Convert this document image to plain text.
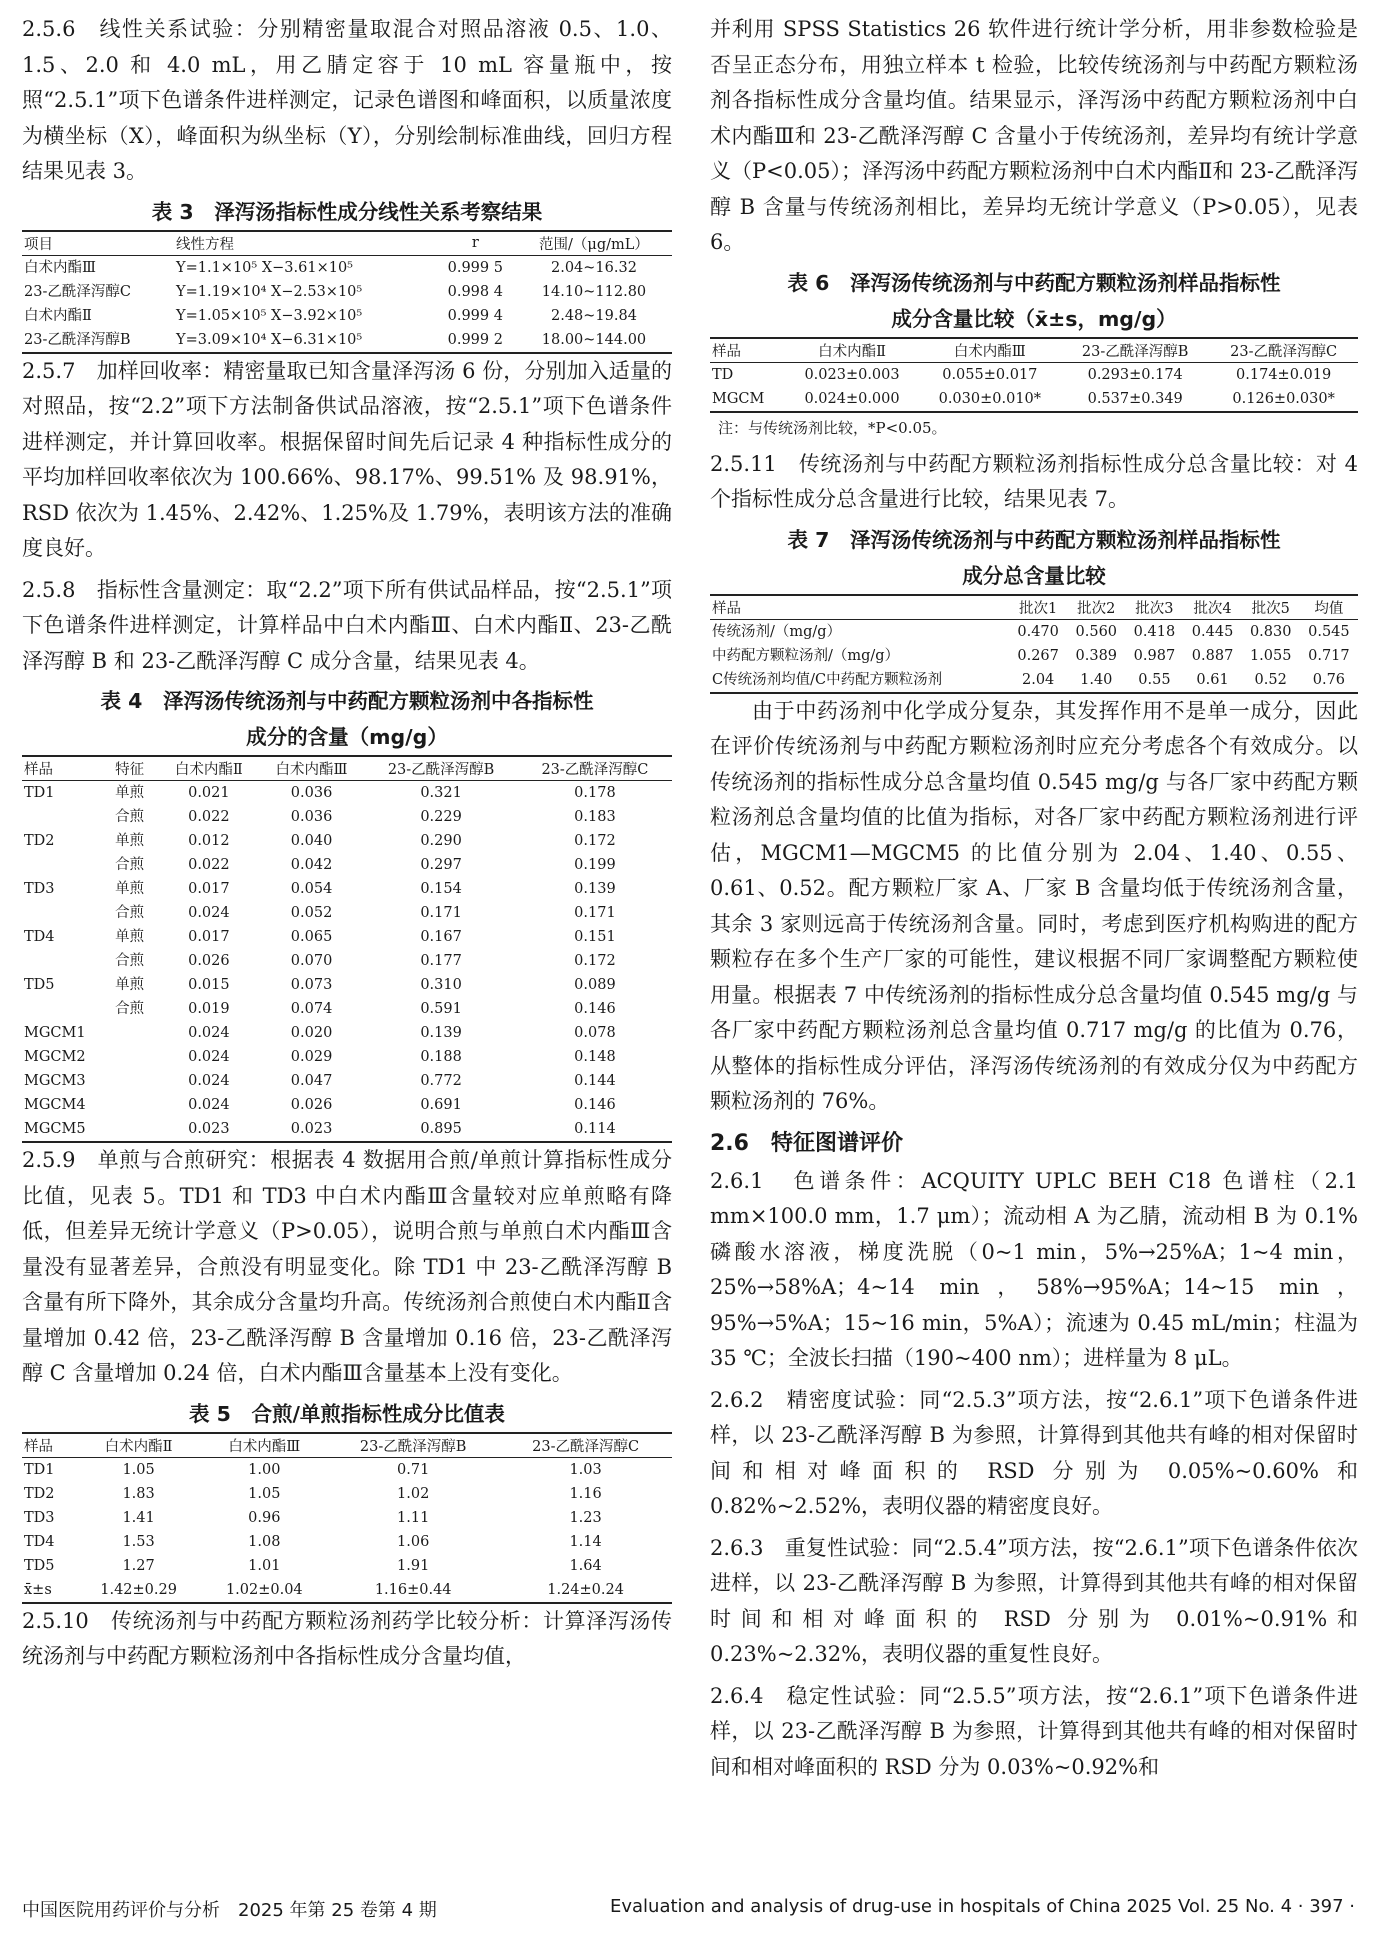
2.5.6　线性关系试验：分别精密量取混合对照品溶液 0.5、1.0、1.5、2.0 和 4.0 mL，用乙腈定容于 10 mL 容量瓶中，按照“2.5.1”项下色谱条件进样测定，记录色谱图和峰面积，以质量浓度为横坐标（X），峰面积为纵坐标（Y），分别绘制标准曲线，回归方程结果见表 3。

表 3　泽泻汤指标性成分线性关系考察结果
项目	线性方程	r	范围/（μg/mL）
白术内酯Ⅲ	Y=1.1×10⁵ X−3.61×10⁵	0.999 5	2.04~16.32
23-乙酰泽泻醇C	Y=1.19×10⁴ X−2.53×10⁵	0.998 4	14.10~112.80
白术内酯Ⅱ	Y=1.05×10⁵ X−3.92×10⁵	0.999 4	2.48~19.84
23-乙酰泽泻醇B	Y=3.09×10⁴ X−6.31×10⁵	0.999 2	18.00~144.00

2.5.7　加样回收率：精密量取已知含量泽泻汤 6 份，分别加入适量的对照品，按“2.2”项下方法制备供试品溶液，按“2.5.1”项下色谱条件进样测定，并计算回收率。根据保留时间先后记录 4 种指标性成分的平均加样回收率依次为 100.66%、98.17%、99.51% 及 98.91%，RSD 依次为 1.45%、2.42%、1.25%及 1.79%，表明该方法的准确度良好。

2.5.8　指标性含量测定：取“2.2”项下所有供试品样品，按“2.5.1”项下色谱条件进样测定，计算样品中白术内酯Ⅲ、白术内酯Ⅱ、23-乙酰泽泻醇 B 和 23-乙酰泽泻醇 C 成分含量，结果见表 4。

表 4　泽泻汤传统汤剂与中药配方颗粒汤剂中各指标性
成分的含量（mg/g）
样品	特征	白术内酯Ⅱ	白术内酯Ⅲ	23-乙酰泽泻醇B	23-乙酰泽泻醇C
TD1	单煎	0.021	0.036	0.321	0.178
	合煎	0.022	0.036	0.229	0.183
TD2	单煎	0.012	0.040	0.290	0.172
	合煎	0.022	0.042	0.297	0.199
TD3	单煎	0.017	0.054	0.154	0.139
	合煎	0.024	0.052	0.171	0.171
TD4	单煎	0.017	0.065	0.167	0.151
	合煎	0.026	0.070	0.177	0.172
TD5	单煎	0.015	0.073	0.310	0.089
	合煎	0.019	0.074	0.591	0.146
MGCM1		0.024	0.020	0.139	0.078
MGCM2		0.024	0.029	0.188	0.148
MGCM3		0.024	0.047	0.772	0.144
MGCM4		0.024	0.026	0.691	0.146
MGCM5		0.023	0.023	0.895	0.114

2.5.9　单煎与合煎研究：根据表 4 数据用合煎/单煎计算指标性成分比值，见表 5。TD1 和 TD3 中白术内酯Ⅲ含量较对应单煎略有降低，但差异无统计学意义（P>0.05），说明合煎与单煎白术内酯Ⅲ含量没有显著差异，合煎没有明显变化。除 TD1 中 23-乙酰泽泻醇 B 含量有所下降外，其余成分含量均升高。传统汤剂合煎使白术内酯Ⅱ含量增加 0.42 倍，23-乙酰泽泻醇 B 含量增加 0.16 倍，23-乙酰泽泻醇 C 含量增加 0.24 倍，白术内酯Ⅲ含量基本上没有变化。

表 5　合煎/单煎指标性成分比值表
样品	白术内酯Ⅱ	白术内酯Ⅲ	23-乙酰泽泻醇B	23-乙酰泽泻醇C
TD1	1.05	1.00	0.71	1.03
TD2	1.83	1.05	1.02	1.16
TD3	1.41	0.96	1.11	1.23
TD4	1.53	1.08	1.06	1.14
TD5	1.27	1.01	1.91	1.64
x̄±s	1.42±0.29	1.02±0.04	1.16±0.44	1.24±0.24

2.5.10　传统汤剂与中药配方颗粒汤剂药学比较分析：计算泽泻汤传统汤剂与中药配方颗粒汤剂中各指标性成分含量均值，

并利用 SPSS Statistics 26 软件进行统计学分析，用非参数检验是否呈正态分布，用独立样本 t 检验，比较传统汤剂与中药配方颗粒汤剂各指标性成分含量均值。结果显示，泽泻汤中药配方颗粒汤剂中白术内酯Ⅲ和 23-乙酰泽泻醇 C 含量小于传统汤剂，差异均有统计学意义（P<0.05）；泽泻汤中药配方颗粒汤剂中白术内酯Ⅱ和 23-乙酰泽泻醇 B 含量与传统汤剂相比，差异均无统计学意义（P>0.05），见表 6。

表 6　泽泻汤传统汤剂与中药配方颗粒汤剂样品指标性
成分含量比较（x̄±s，mg/g）
样品	白术内酯Ⅱ	白术内酯Ⅲ	23-乙酰泽泻醇B	23-乙酰泽泻醇C
TD	0.023±0.003	0.055±0.017	0.293±0.174	0.174±0.019
MGCM	0.024±0.000	0.030±0.010*	0.537±0.349	0.126±0.030*
注：与传统汤剂比较，*P<0.05。

2.5.11　传统汤剂与中药配方颗粒汤剂指标性成分总含量比较：对 4 个指标性成分总含量进行比较，结果见表 7。

表 7　泽泻汤传统汤剂与中药配方颗粒汤剂样品指标性
成分总含量比较
样品	批次1	批次2	批次3	批次4	批次5	均值
传统汤剂/（mg/g）	0.470	0.560	0.418	0.445	0.830	0.545
中药配方颗粒汤剂/（mg/g）	0.267	0.389	0.987	0.887	1.055	0.717
C传统汤剂均值/C中药配方颗粒汤剂	2.04	1.40	0.55	0.61	0.52	0.76

由于中药汤剂中化学成分复杂，其发挥作用不是单一成分，因此在评价传统汤剂与中药配方颗粒汤剂时应充分考虑各个有效成分。以传统汤剂的指标性成分总含量均值 0.545 mg/g 与各厂家中药配方颗粒汤剂总含量均值的比值为指标，对各厂家中药配方颗粒汤剂进行评估，MGCM1—MGCM5 的比值分别为 2.04、1.40、0.55、0.61、0.52。配方颗粒厂家 A、厂家 B 含量均低于传统汤剂含量，其余 3 家则远高于传统汤剂含量。同时，考虑到医疗机构购进的配方颗粒存在多个生产厂家的可能性，建议根据不同厂家调整配方颗粒使用量。根据表 7 中传统汤剂的指标性成分总含量均值 0.545 mg/g 与各厂家中药配方颗粒汤剂总含量均值 0.717 mg/g 的比值为 0.76，从整体的指标性成分评估，泽泻汤传统汤剂的有效成分仅为中药配方颗粒汤剂的 76%。

2.6　特征图谱评价

2.6.1　色谱条件：ACQUITY UPLC BEH C18 色谱柱（2.1 mm×100.0 mm，1.7 μm）；流动相 A 为乙腈，流动相 B 为 0.1%磷酸水溶液，梯度洗脱（0~1 min，5%→25%A；1~4 min，25%→58%A；4~14 min，58%→95%A；14~15 min，95%→5%A；15~16 min，5%A）；流速为 0.45 mL/min；柱温为 35 ℃；全波长扫描（190~400 nm）；进样量为 8 μL。

2.6.2　精密度试验：同“2.5.3”项方法，按“2.6.1”项下色谱条件进样，以 23-乙酰泽泻醇 B 为参照，计算得到其他共有峰的相对保留时间和相对峰面积的 RSD 分别为 0.05%~0.60% 和 0.82%~2.52%，表明仪器的精密度良好。

2.6.3　重复性试验：同“2.5.4”项方法，按“2.6.1”项下色谱条件依次进样，以 23-乙酰泽泻醇 B 为参照，计算得到其他共有峰的相对保留时间和相对峰面积的 RSD 分别为 0.01%~0.91%和 0.23%~2.32%，表明仪器的重复性良好。

2.6.4　稳定性试验：同“2.5.5”项方法，按“2.6.1”项下色谱条件进样，以 23-乙酰泽泻醇 B 为参照，计算得到其他共有峰的相对保留时间和相对峰面积的 RSD 分为 0.03%~0.92%和

中国医院用药评价与分析　2025 年第 25 卷第 4 期	Evaluation and analysis of drug-use in hospitals of China 2025 Vol. 25 No. 4 · 397 ·
